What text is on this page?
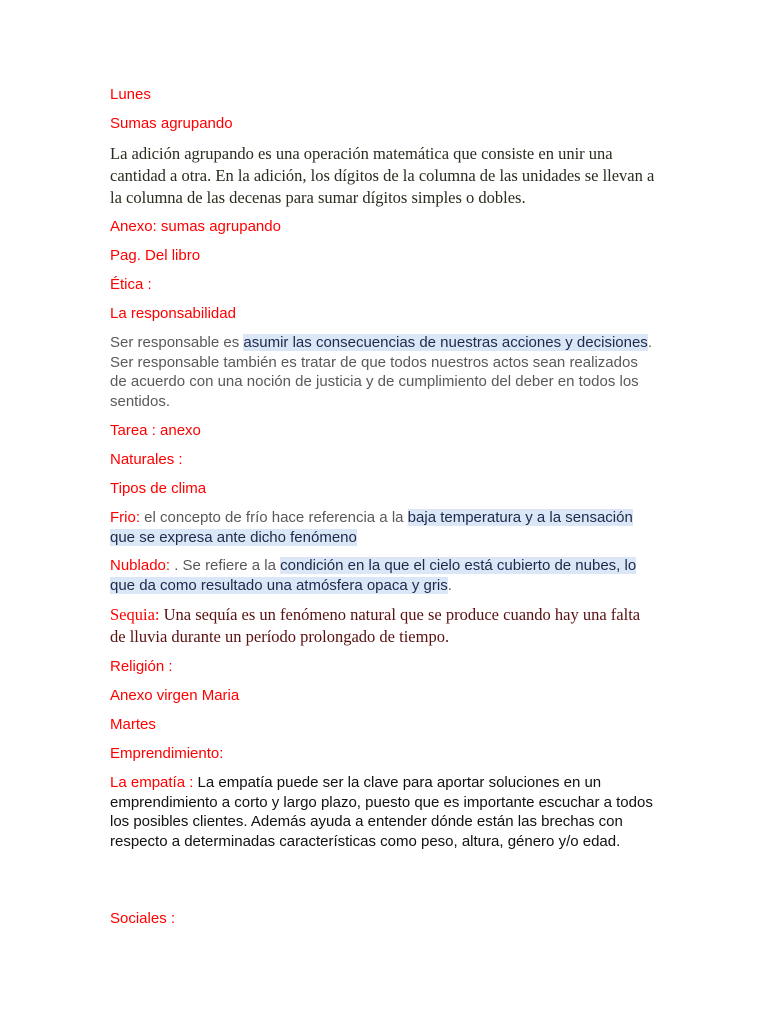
Lunes

Sumas agrupando

La adición agrupando es una operación matemática que consiste en unir una cantidad a otra. En la adición, los dígitos de la columna de las unidades se llevan a la columna de las decenas para sumar dígitos simples o dobles.

Anexo: sumas agrupando

Pag. Del libro

Ética :

La responsabilidad

Ser responsable es asumir las consecuencias de nuestras acciones y decisiones. Ser responsable también es tratar de que todos nuestros actos sean realizados de acuerdo con una noción de justicia y de cumplimiento del deber en todos los sentidos.

Tarea : anexo

Naturales :

Tipos de clima

Frio: el concepto de frío hace referencia a la baja temperatura y a la sensación que se expresa ante dicho fenómeno

Nublado: . Se refiere a la condición en la que el cielo está cubierto de nubes, lo que da como resultado una atmósfera opaca y gris.

Sequia: Una sequía es un fenómeno natural que se produce cuando hay una falta de lluvia durante un período prolongado de tiempo.

Religión :

Anexo virgen Maria

Martes

Emprendimiento:

La empatía : La empatía puede ser la clave para aportar soluciones en un emprendimiento a corto y largo plazo, puesto que es importante escuchar a todos los posibles clientes. Además ayuda a entender dónde están las brechas con respecto a determinadas características como peso, altura, género y/o edad.

Sociales :
